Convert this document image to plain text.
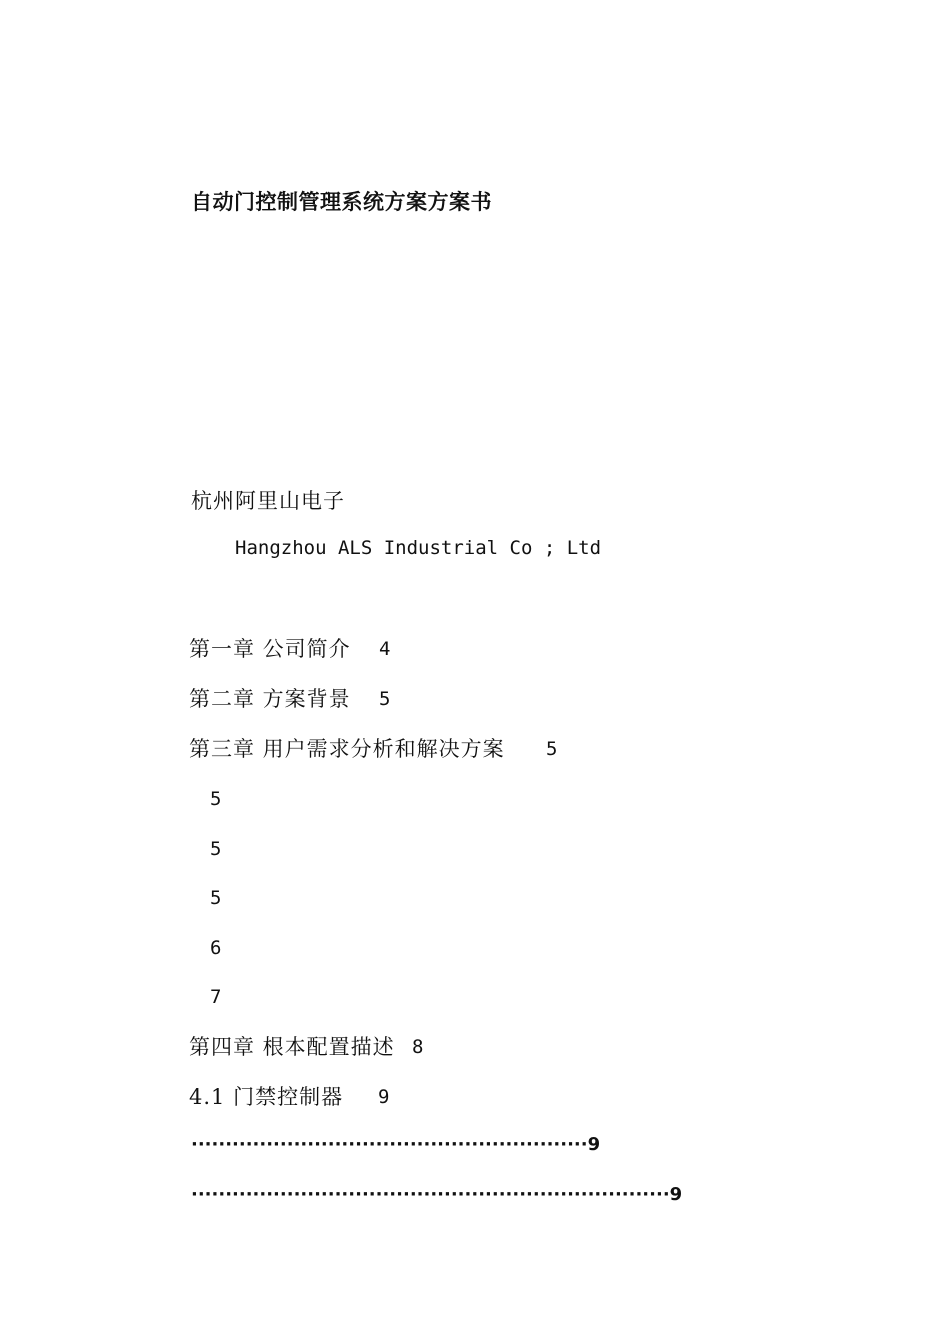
自动门控制管理系统方案方案书
杭州阿里山电子
Hangzhou ALS Industrial Co ; Ltd
第一章 公司简介 4
第二章 方案背景 5
第三章 用户需求分析和解决方案 5
5
5
5
6
7
第四章 根本配置描述 8
4.1 门禁控制器 9
··························································9
······································································9
